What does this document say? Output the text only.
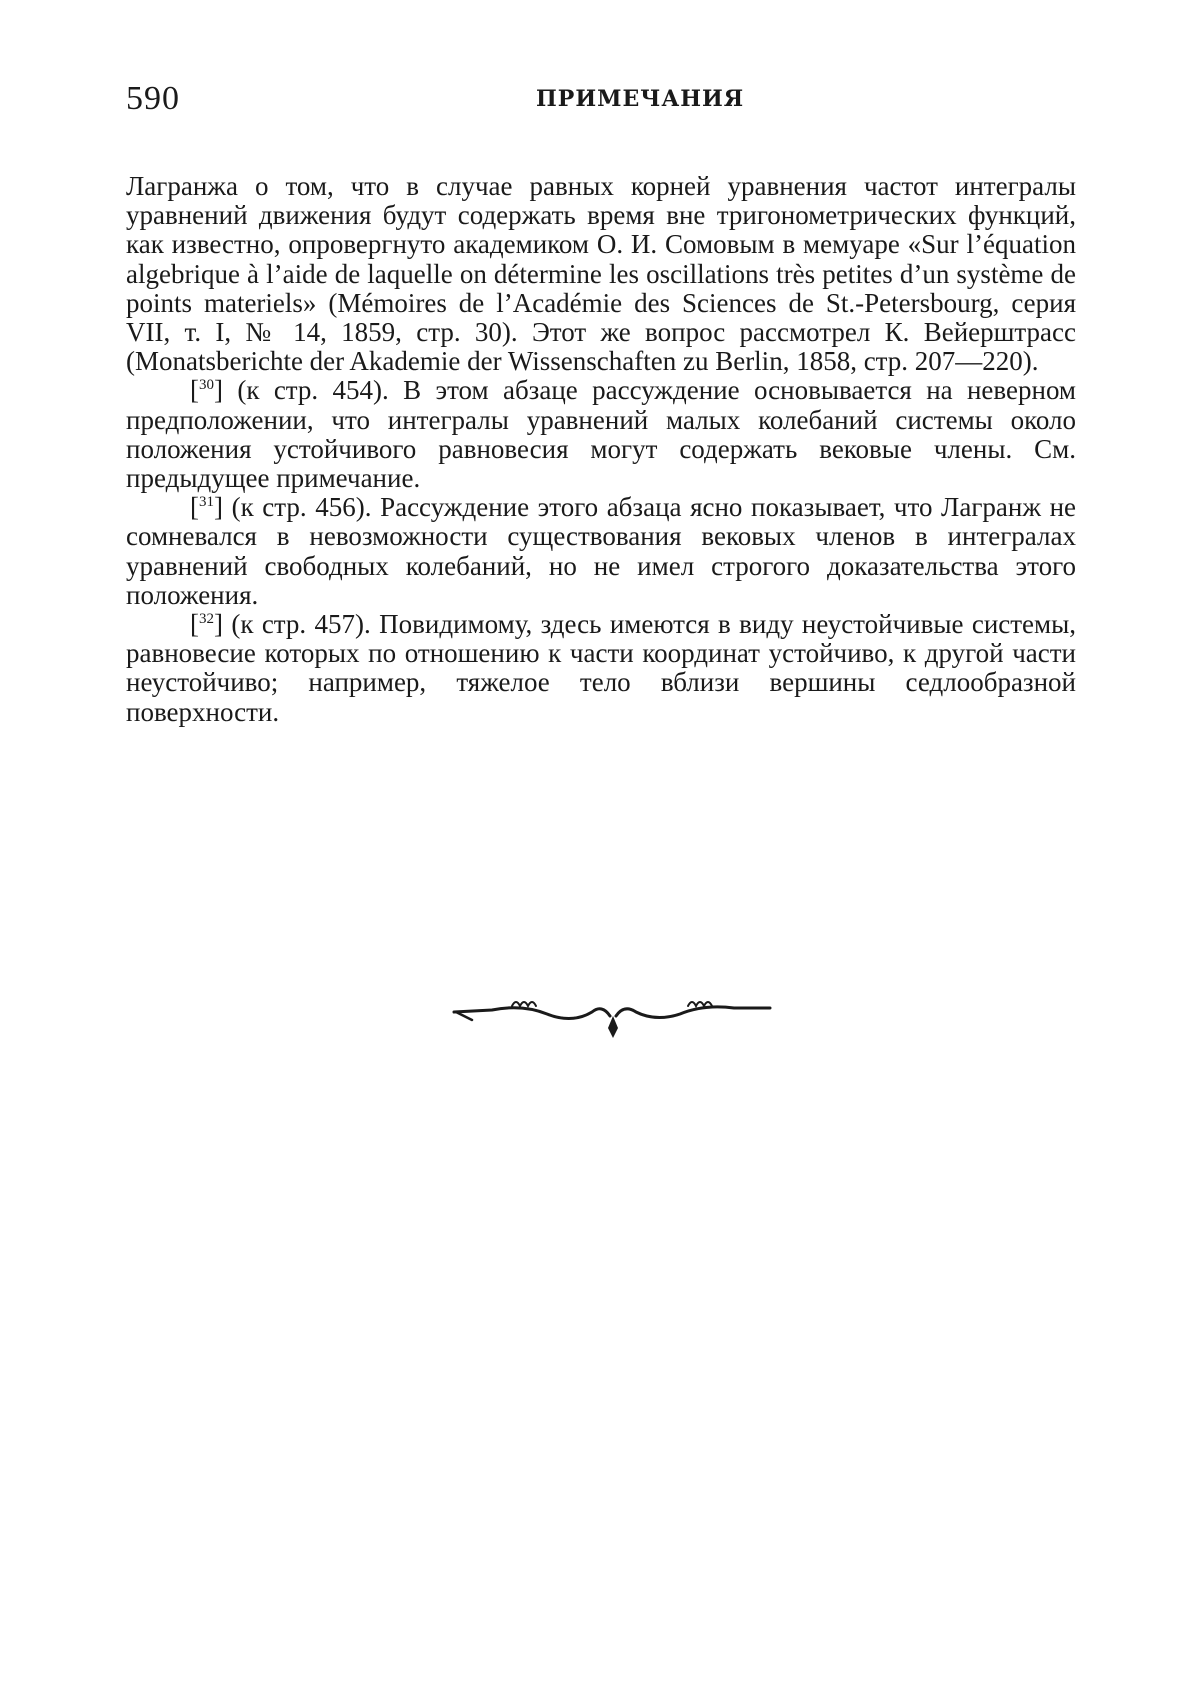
590	ПРИМЕЧАНИЯ

Лагранжа о том, что в случае равных корней уравнения частот интегралы уравнений движения будут содержать время вне тригонометрических функций, как известно, опровергнуто академиком О. И. Сомовым в мемуаре «Sur l’équation algebrique à l’aide de laquelle on détermine les oscillations très petites d’un système de points materiels» (Mémoires de l’Académie des Sciences de St.-Petersbourg, серия VII, т. I, № 14, 1859, стр. 30). Этот же вопрос рассмотрел К. Вейерштрасс (Monatsberichte der Akademie der Wissenschaften zu Berlin, 1858, стр. 207—220).

[$^{30}$] (к стр. 454). В этом абзаце рассуждение основывается на неверном предположении, что интегралы уравнений малых колебаний системы около положения устойчивого равновесия могут содержать вековые члены. См. предыдущее примечание.

[$^{31}$] (к стр. 456). Рассуждение этого абзаца ясно показывает, что Лагранж не сомневался в невозможности существования вековых членов в интегралах уравнений свободных колебаний, но не имел строгого доказательства этого положения.

[$^{32}$] (к стр. 457). Повидимому, здесь имеются в виду неустойчивые системы, равновесие которых по отношению к части координат устойчиво, к другой части неустойчиво; например, тяжелое тело вблизи вершины седлообразной поверхности.
